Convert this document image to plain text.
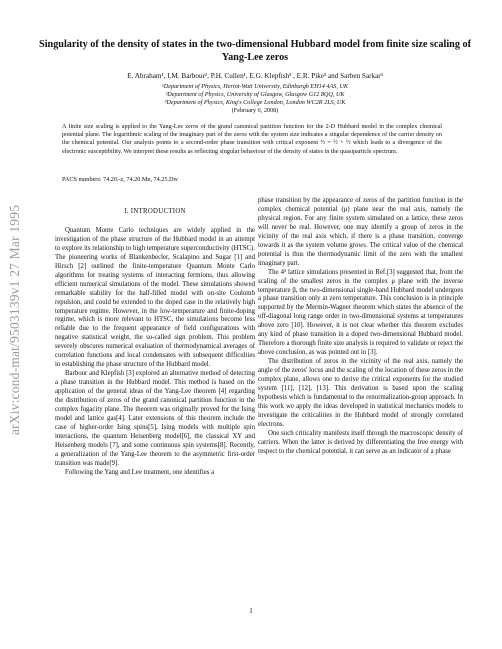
arXiv:cond-mat/9503139v1 27 Mar 1995
Singularity of the density of states in the two-dimensional Hubbard model from finite size scaling of Yang-Lee zeros
E. Abraham¹, I.M. Barbour², P.H. Cullen¹, E.G. Klepfish³ , E.R. Pike³ and Sarben Sarkar³
¹Department of Physics, Heriot-Watt University, Edinburgh EH14 4AS, UK
²Department of Physics, University of Glasgow, Glasgow G12 8QQ, UK
³Department of Physics, King's College London, London WC2R 2LS, UK
(February 6, 2008)
A finite size scaling is applied to the Yang-Lee zeros of the grand canonical partition function for the 2-D Hubbard model in the complex chemical potential plane. The logarithmic scaling of the imaginary part of the zeros with the system size indicates a singular dependence of the carrier density on the chemical potential. Our analysis points to a second-order phase transition with critical exponent ½ = ½ + ½ which leads to a divergence of the electronic susceptibility. We interpret these results as reflecting singular behaviour of the density of states in the quasiparticle spectrum.
PACS numbers: 74.20.-z, 74.20.Mn, 74.25.Dw
I. INTRODUCTION

Quantum Monte Carlo techniques are widely applied in the investigation of the phase structure of the Hubbard model in an attempt to explore its relationship to high temperature superconductivity (HTSC). The pioneering works of Blankenbecler, Scalapino and Sugar [1] and Hirsch [2] outlined the finite-temperature Quantum Monte Carlo algorithms for treating systems of interacting fermions, thus allowing efficient numerical simulations of the model. These simulations showed remarkable stability for the half-filled model with on-site Coulomb repulsion, and could be extended to the doped case in the relatively high temperature regime. However, in the low-temperature and finite-doping regime, which is more relevant to HTSC, the simulations become less reliable due to the frequent appearance of field configurations with negative statistical weight, the so-called sign problem. This problem severely obscures numerical evaluation of thermodynamical averages of correlation functions and local condensates with subsequent difficulties in establishing the phase structure of the Hubbard model.

Barbour and Klepfish [3] explored an alternative method of detecting a phase transition in the Hubbard model. This method is based on the application of the general ideas of the Yang-Lee theorem [4] regarding the distribution of zeros of the grand canonical partition function in the complex fugacity plane. The theorem was originally proved for the Ising model and lattice gas[4]. Later extensions of this theorem include the case of higher-order Ising spins[5], Ising models with multiple spin interactions, the quantum Heisenberg model[6], the classical XY and Heisenberg models [7], and some continuous spin systems[8]. Recently, a generalization of the Yang-Lee theorem to the asymmetric first-order transition was made[9].

Following the Yang and Lee treatment, one identifies a

phase transition by the appearance of zeros of the partition function in the complex chemical potential (μ) plane near the real axis, namely the physical region. For any finite system simulated on a lattice, these zeros will never be real. However, one may identify a group of zeros in the vicinity of the real axis which, if there is a phase transition, converge towards it as the system volume grows. The critical value of the chemical potential is thus the thermodynamic limit of the zero with the smallest imaginary part.

The 4² lattice simulations presented in Ref.[3] suggested that, from the scaling of the smallest zeros in the complex μ plane with the inverse temperature β, the two-dimensional single-band Hubbard model undergoes a phase transition only at zero temperature. This conclusion is in principle supported by the Mermin-Wagner theorem which states the absence of the off-diagonal long range order in two-dimensional systems at temperatures above zero [10]. However, it is not clear whether this theorem excludes any kind of phase transition in a doped two-dimensional Hubbard model. Therefore a thorough finite size analysis is required to validate or reject the above conclusion, as was pointed out in [3].

The distribution of zeros in the vicinity of the real axis, namely the angle of the zeros' locus and the scaling of the location of these zeros in the complex plane, allows one to derive the critical exponents for the studied system [11], [12], [13]. This derivation is based upon the scaling hypothesis which is fundamental to the renormalization-group approach. In this work we apply the ideas developed in statistical mechanics models to investigate the criticalities in the Hubbard model of strongly correlated electrons.

One such criticality manifests itself through the macroscopic density of carriers. When the latter is derived by differentiating the free energy with respect to the chemical potential, it can serve as an indicator of a phase

1
